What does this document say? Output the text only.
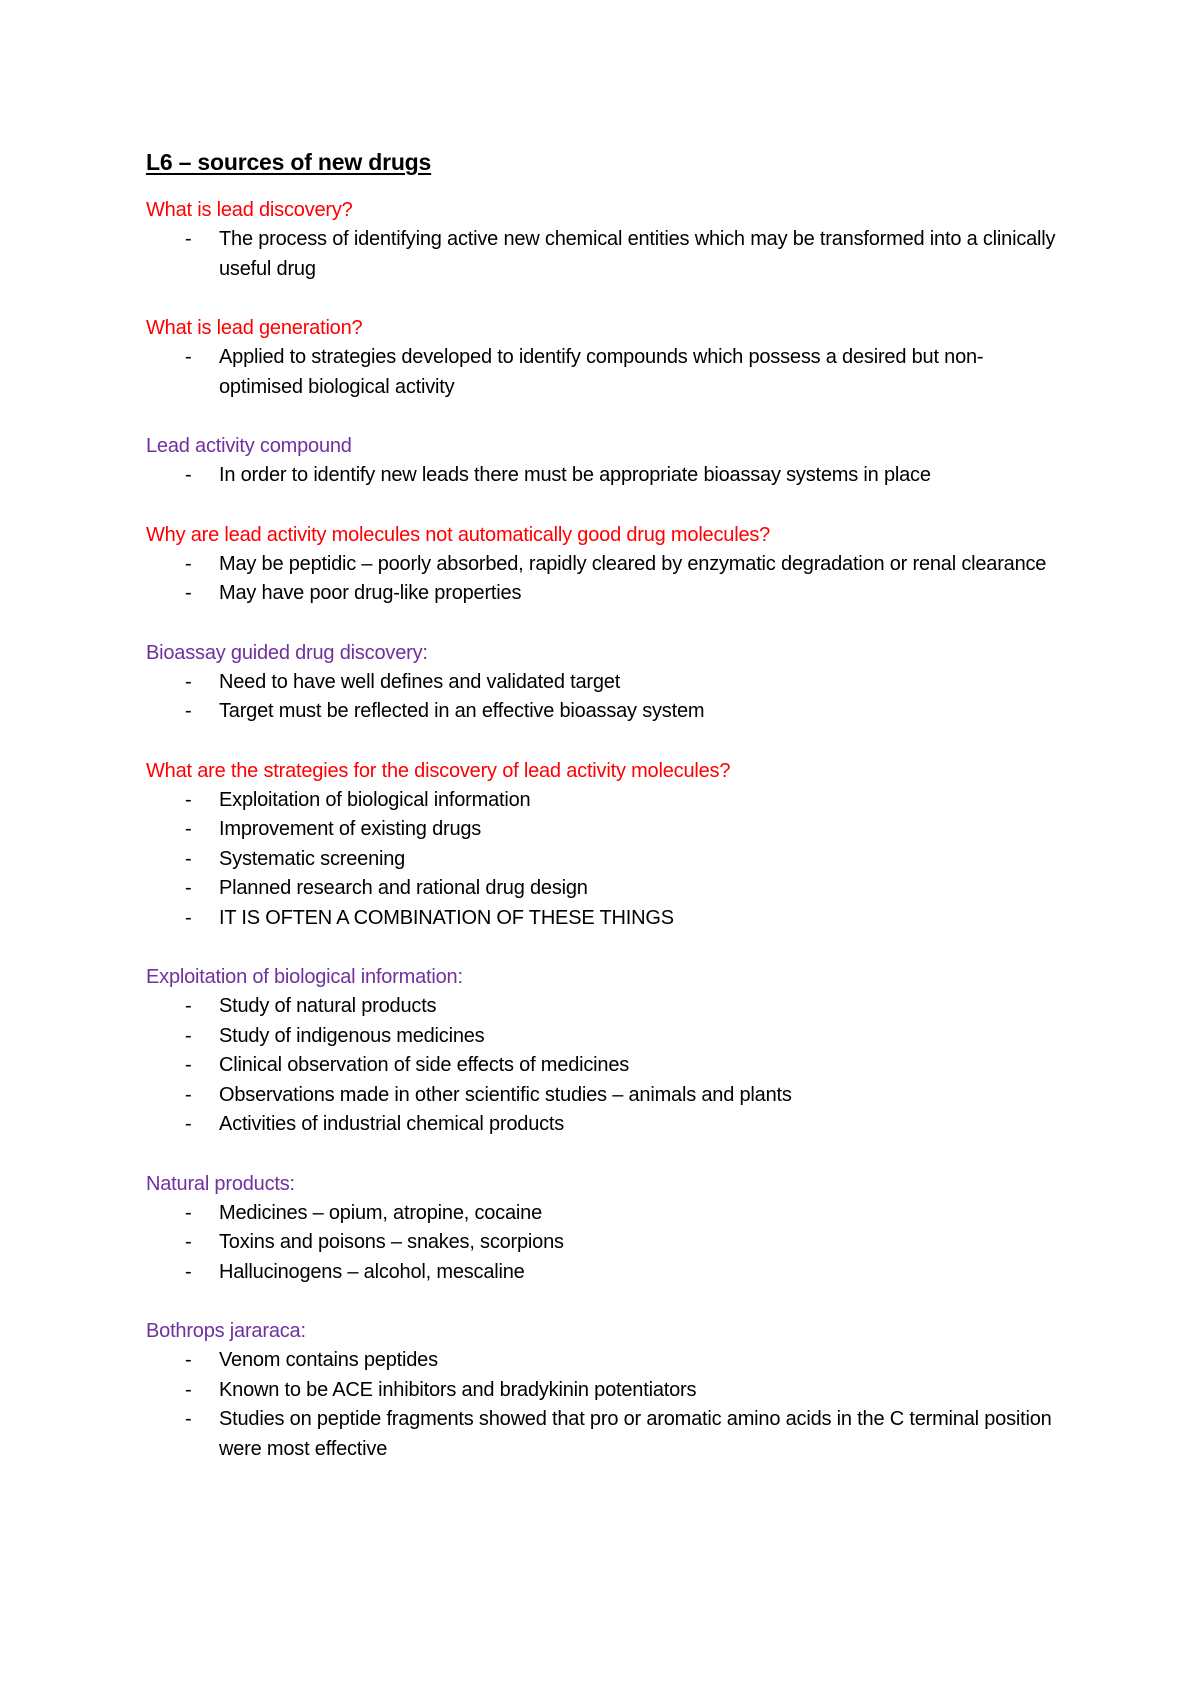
L6 – sources of new drugs
What is lead discovery?
- The process of identifying active new chemical entities which may be transformed into a clinically useful drug
What is lead generation?
- Applied to strategies developed to identify compounds which possess a desired but non-optimised biological activity
Lead activity compound
- In order to identify new leads there must be appropriate bioassay systems in place
Why are lead activity molecules not automatically good drug molecules?
- May be peptidic – poorly absorbed, rapidly cleared by enzymatic degradation or renal clearance
- May have poor drug-like properties
Bioassay guided drug discovery:
- Need to have well defines and validated target
- Target must be reflected in an effective bioassay system
What are the strategies for the discovery of lead activity molecules?
- Exploitation of biological information
- Improvement of existing drugs
- Systematic screening
- Planned research and rational drug design
- IT IS OFTEN A COMBINATION OF THESE THINGS
Exploitation of biological information:
- Study of natural products
- Study of indigenous medicines
- Clinical observation of side effects of medicines
- Observations made in other scientific studies – animals and plants
- Activities of industrial chemical products
Natural products:
- Medicines – opium, atropine, cocaine
- Toxins and poisons – snakes, scorpions
- Hallucinogens – alcohol, mescaline
Bothrops jararaca:
- Venom contains peptides
- Known to be ACE inhibitors and bradykinin potentiators
- Studies on peptide fragments showed that pro or aromatic amino acids in the C terminal position were most effective
